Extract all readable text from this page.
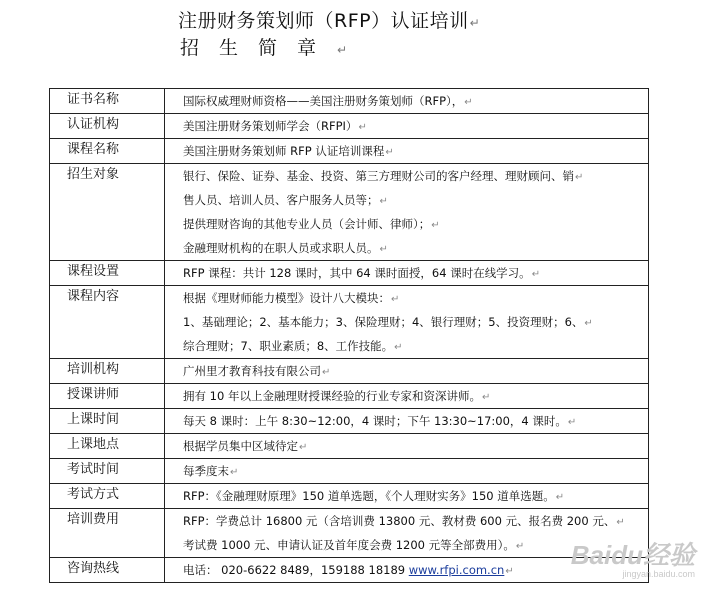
注册财务策划师（RFP）认证培训↵
招生简章↵
证书名称	国际权威理财师资格——美国注册财务策划师（RFP），↵

认证机构	美国注册财务策划师学会（RFPI）↵

课程名称	美国注册财务策划师 RFP 认证培训课程↵

招生对象	银行、保险、证券、基金、投资、第三方理财公司的客户经理、理财顾问、销↵
售人员、培训人员、客户服务人员等；↵
提供理财咨询的其他专业人员（会计师、律师）；↵
金融理财机构的在职人员或求职人员。↵

课程设置	RFP 课程：共计 128 课时，其中 64 课时面授，64 课时在线学习。↵

课程内容	根据《理财师能力模型》设计八大模块：↵
1、基础理论；2、基本能力；3、保险理财；4、银行理财；5、投资理财；6、↵
综合理财；7、职业素质；8、工作技能。↵

培训机构	广州里才教育科技有限公司↵

授课讲师	拥有 10 年以上金融理财授课经验的行业专家和资深讲师。↵

上课时间	每天 8 课时：上午 8:30~12:00，4 课时；下午 13:30~17:00，4 课时。↵

上课地点	根据学员集中区域待定↵

考试时间	每季度末↵

考试方式	RFP：《金融理财原理》150 道单选题，《个人理财实务》150 道单选题。↵

培训费用	RFP：学费总计 16800 元（含培训费 13800 元、教材费 600 元、报名费 200 元、↵
考试费 1000 元、申请认证及首年度会费 1200 元等全部费用）。↵

咨询热线	电话： 020-6622 8489，159188 18189 www.rfpi.com.cn↵
Baidu经验
jingyan.baidu.com
